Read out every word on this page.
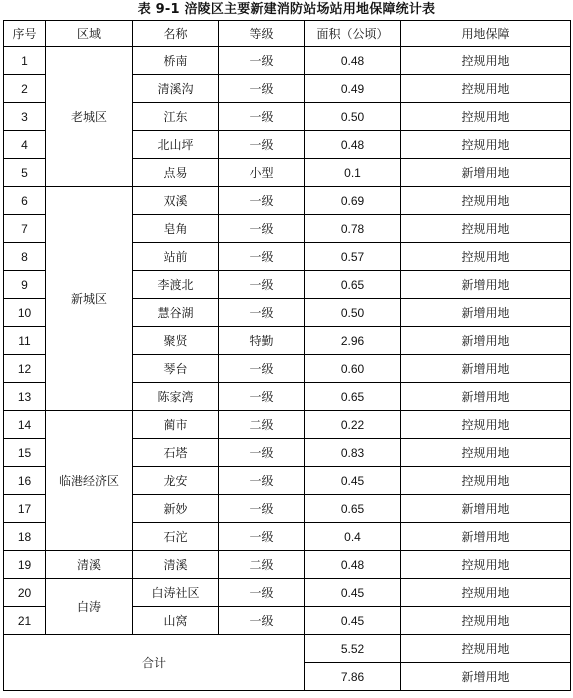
表 9-1 涪陵区主要新建消防站场站用地保障统计表
序号	区域	名称	等级	面积（公顷）	用地保障
1	老城区	桥南	一级	0.48	控规用地
2		清溪沟	一级	0.49	控规用地
3		江东	一级	0.50	控规用地
4		北山坪	一级	0.48	控规用地
5		点易	小型	0.1	新增用地
6	新城区	双溪	一级	0.69	控规用地
7		皂角	一级	0.78	控规用地
8		站前	一级	0.57	控规用地
9		李渡北	一级	0.65	新增用地
10		慧谷湖	一级	0.50	新增用地
11		聚贤	特勤	2.96	新增用地
12		琴台	一级	0.60	新增用地
13		陈家湾	一级	0.65	新增用地
14	临港经济区	蔺市	二级	0.22	控规用地
15		石塔	一级	0.83	控规用地
16		龙安	一级	0.45	控规用地
17		新妙	一级	0.65	新增用地
18		石沱	一级	0.4	新增用地
19	清溪	清溪	二级	0.48	控规用地
20	白涛	白涛社区	一级	0.45	控规用地
21		山窝	一级	0.45	控规用地
合计				5.52	控规用地
				7.86	新增用地
